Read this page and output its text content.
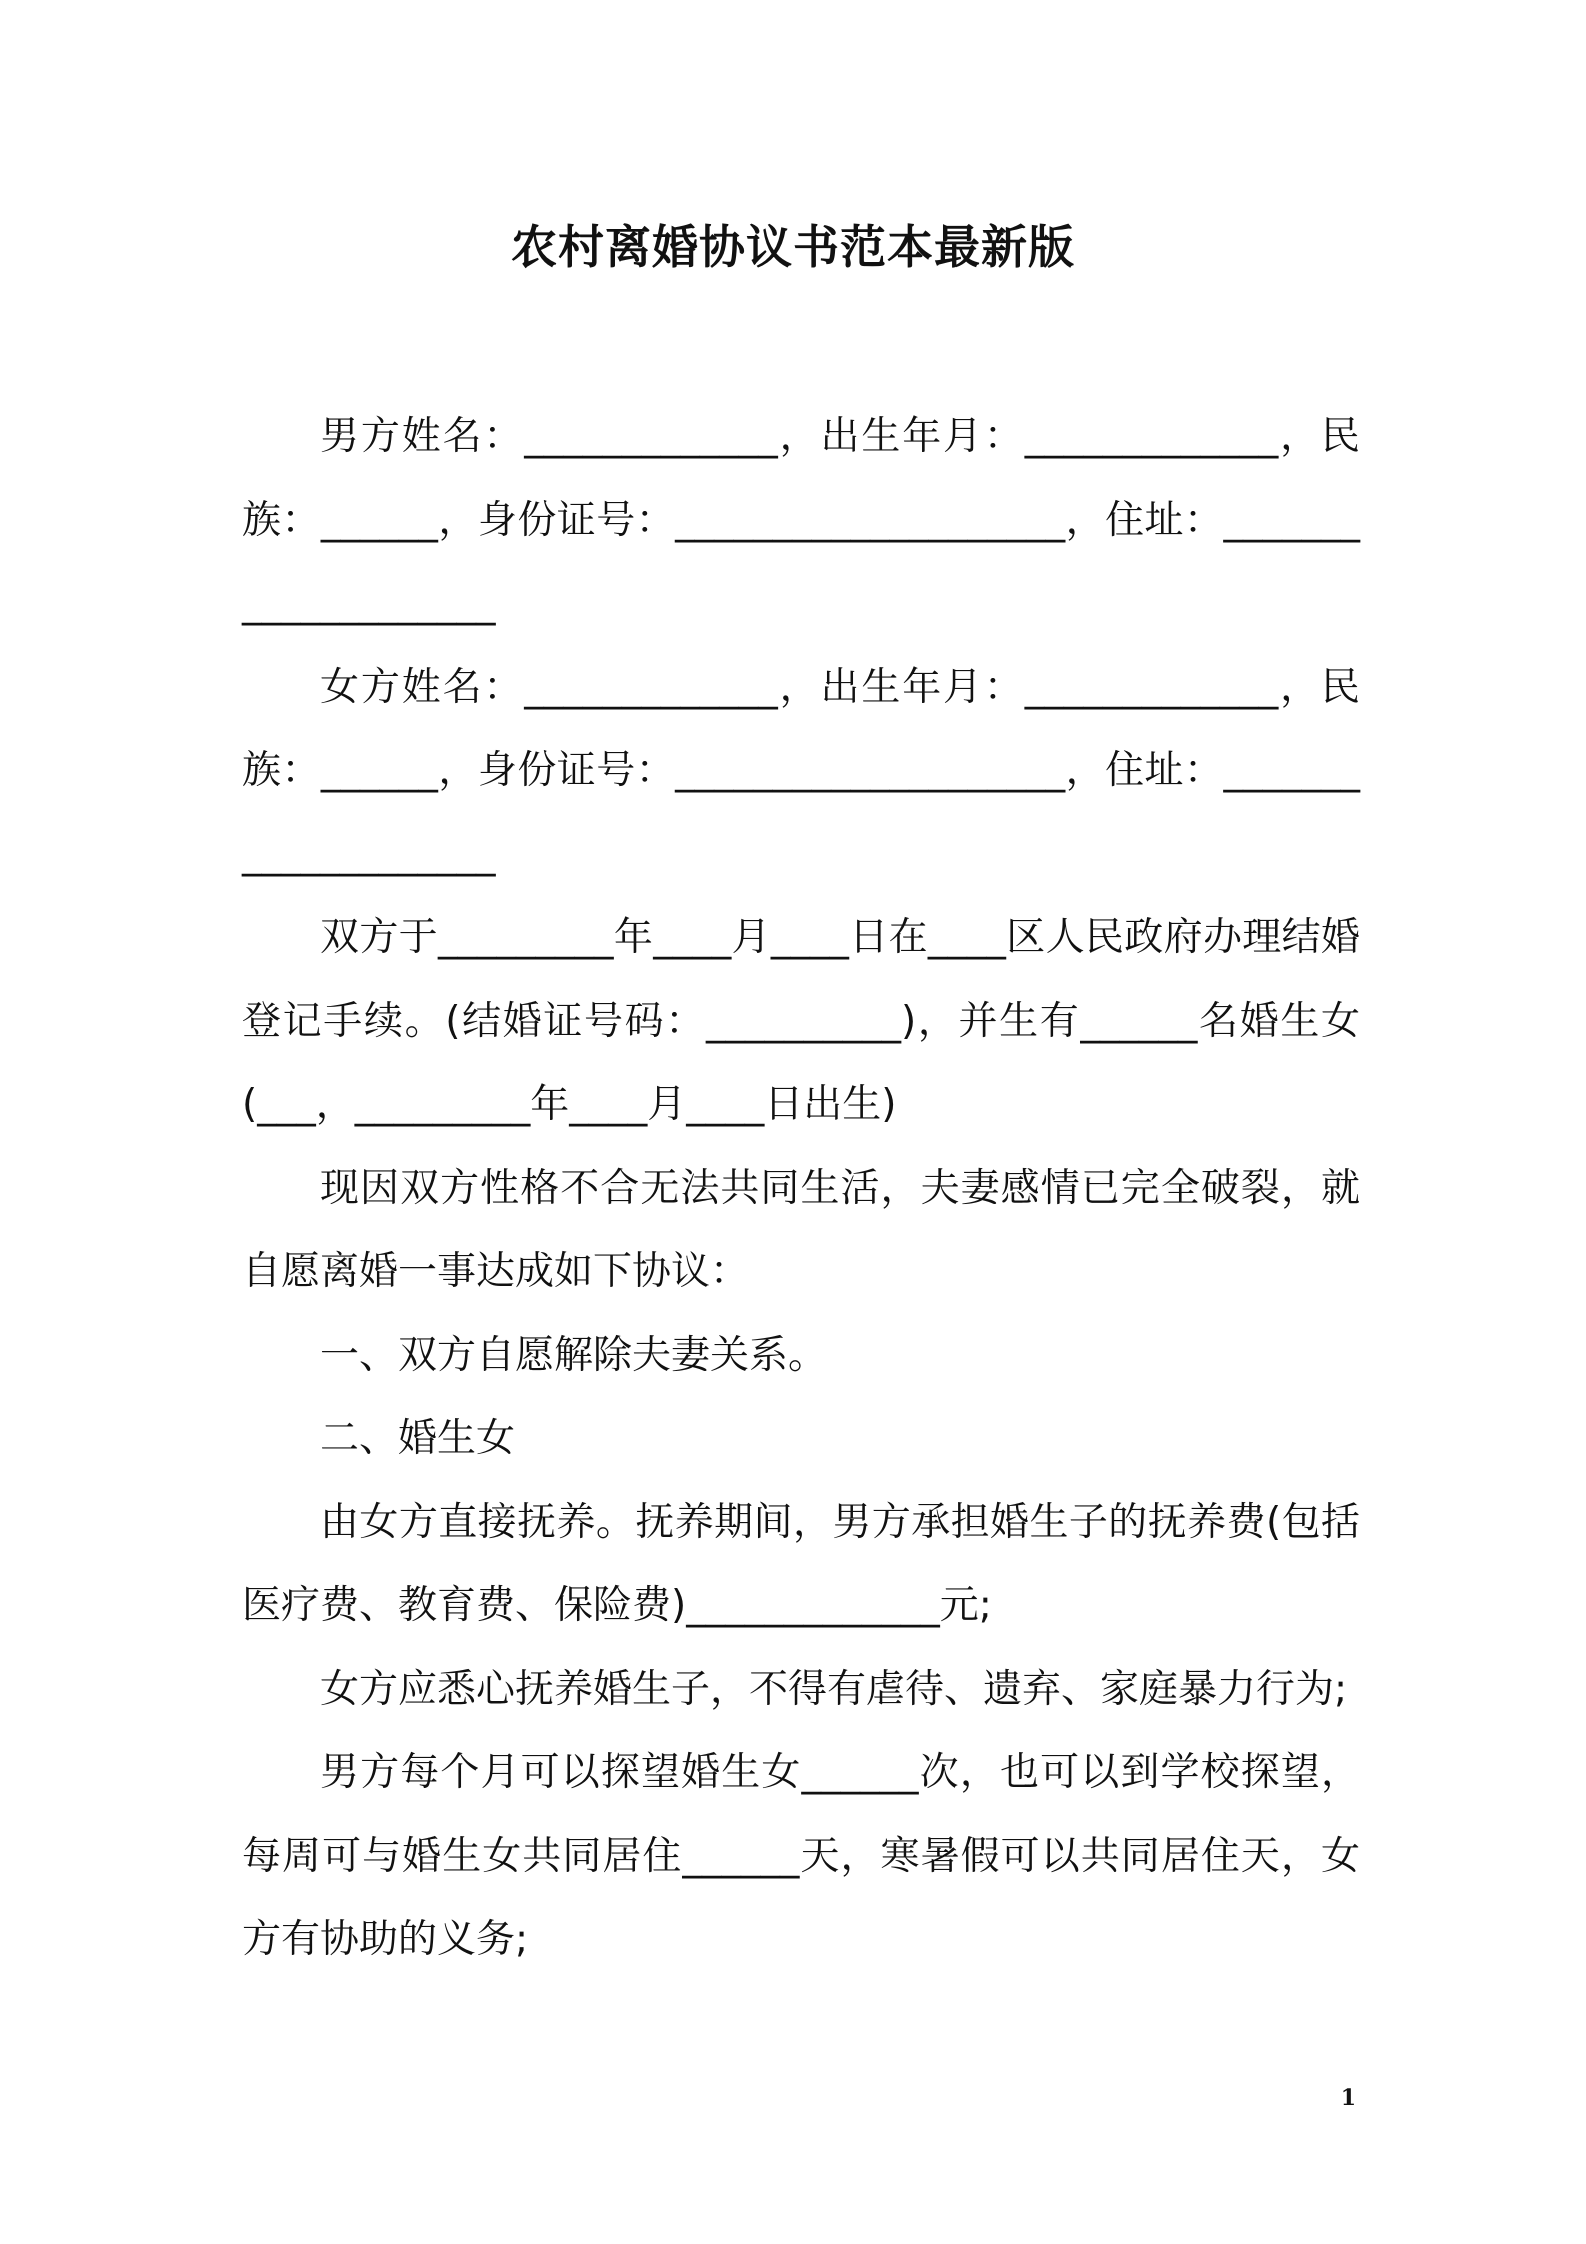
农村离婚协议书范本最新版

男方姓名：_____________，出生年月：_____________，民族：______，身份证号：____________________，住址：____________________

女方姓名：_____________，出生年月：_____________，民族：______，身份证号：____________________，住址：____________________

双方于_________年____月____日在____区人民政府办理结婚登记手续。(结婚证号码：__________)，并生有______名婚生女(___，_________年____月____日出生)

现因双方性格不合无法共同生活，夫妻感情已完全破裂，就自愿离婚一事达成如下协议：

一、双方自愿解除夫妻关系。

二、婚生女

由女方直接抚养。抚养期间，男方承担婚生子的抚养费(包括医疗费、教育费、保险费)_____________元;

女方应悉心抚养婚生子，不得有虐待、遗弃、家庭暴力行为;

男方每个月可以探望婚生女______次，也可以到学校探望，每周可与婚生女共同居住______天，寒暑假可以共同居住天，女方有协助的义务;

1
